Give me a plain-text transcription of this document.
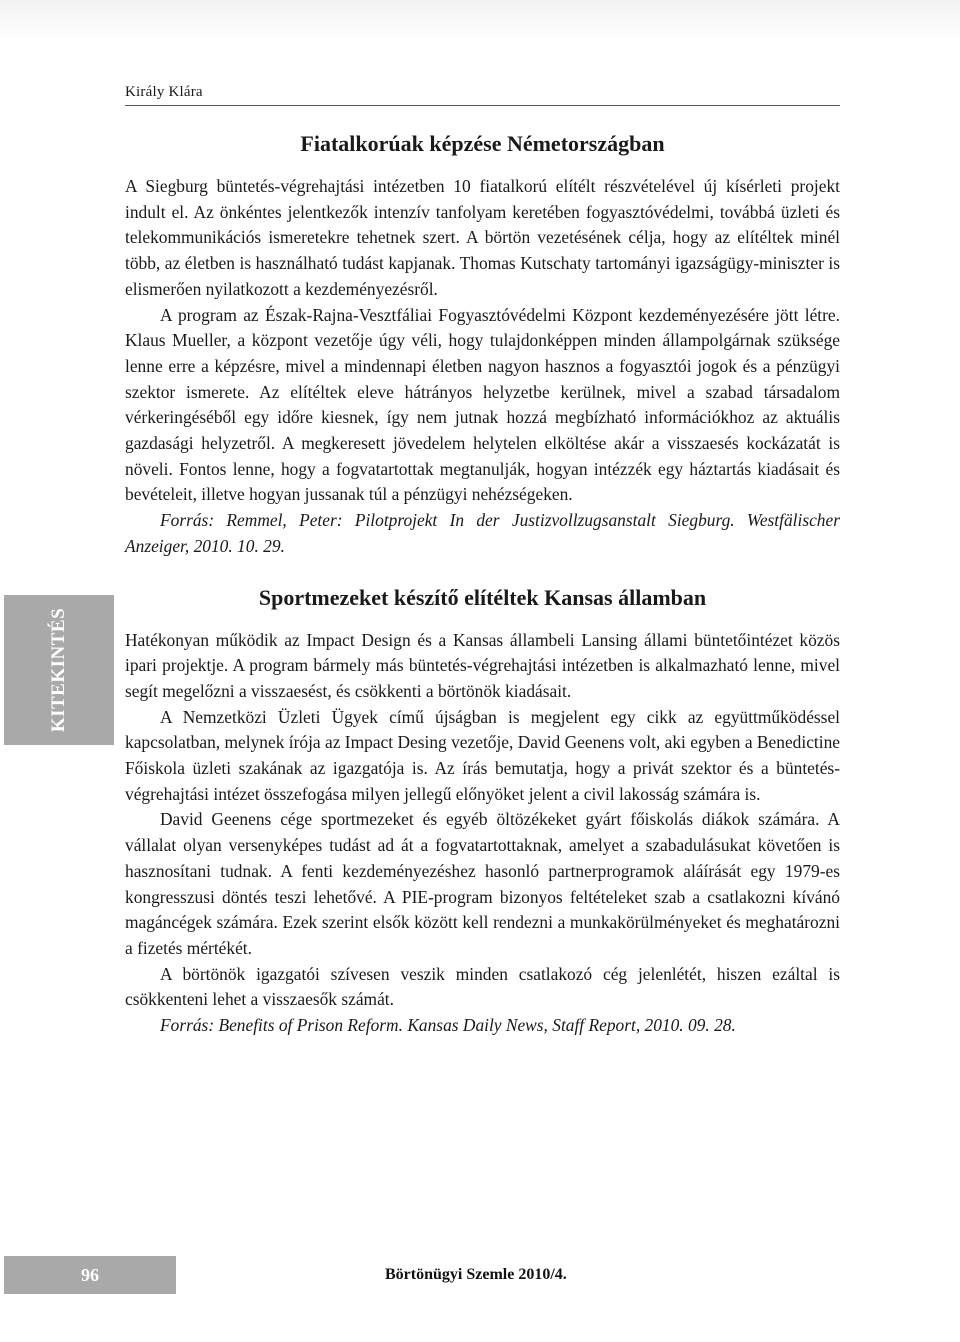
Király Klára
KITEKINTÉS
Fiatalkorúak képzése Németországban

A Siegburg büntetés-végrehajtási intézetben 10 fiatalkorú elítélt részvételével új kísérleti projekt indult el. Az önkéntes jelentkezők intenzív tanfolyam keretében fogyasztóvédelmi, továbbá üzleti és telekommunikációs ismeretekre tehetnek szert. A börtön vezetésének célja, hogy az elítéltek minél több, az életben is használható tudást kapjanak. Thomas Kutschaty tartományi igazságügy-miniszter is elismerően nyilatkozott a kezdeményezésről.

A program az Észak-Rajna-Vesztfáliai Fogyasztóvédelmi Központ kezdeményezésére jött létre. Klaus Mueller, a központ vezetője úgy véli, hogy tulajdonképpen minden állampolgárnak szüksége lenne erre a képzésre, mivel a mindennapi életben nagyon hasznos a fogyasztói jogok és a pénzügyi szektor ismerete. Az elítéltek eleve hátrányos helyzetbe kerülnek, mivel a szabad társadalom vérkeringéséből egy időre kiesnek, így nem jutnak hozzá megbízható információkhoz az aktuális gazdasági helyzetről. A megkeresett jövedelem helytelen elköltése akár a visszaesés kockázatát is növeli. Fontos lenne, hogy a fogvatartottak megtanulják, hogyan intézzék egy háztartás kiadásait és bevételeit, illetve hogyan jussanak túl a pénzügyi nehézségeken.

Forrás: Remmel, Peter: Pilotprojekt In der Justizvollzugsanstalt Siegburg. Westfälischer Anzeiger, 2010. 10. 29.

Sportmezeket készítő elítéltek Kansas államban

Hatékonyan működik az Impact Design és a Kansas állambeli Lansing állami büntetőintézet közös ipari projektje. A program bármely más büntetés-végrehajtási intézetben is alkalmazható lenne, mivel segít megelőzni a visszaesést, és csökkenti a börtönök kiadásait.

A Nemzetközi Üzleti Ügyek című újságban is megjelent egy cikk az együttműködéssel kapcsolatban, melynek írója az Impact Desing vezetője, David Geenens volt, aki egyben a Benedictine Főiskola üzleti szakának az igazgatója is. Az írás bemutatja, hogy a privát szektor és a büntetés-végrehajtási intézet összefogása milyen jellegű előnyöket jelent a civil lakosság számára is.

David Geenens cége sportmezeket és egyéb öltözékeket gyárt főiskolás diákok számára. A vállalat olyan versenyképes tudást ad át a fogvatartottaknak, amelyet a szabadulásukat követően is hasznosítani tudnak. A fenti kezdeményezéshez hasonló partnerprogramok aláírását egy 1979-es kongresszusi döntés teszi lehetővé. A PIE-program bizonyos feltételeket szab a csatlakozni kívánó magáncégek számára. Ezek szerint elsők között kell rendezni a munkakörülményeket és meghatározni a fizetés mértékét.

A börtönök igazgatói szívesen veszik minden csatlakozó cég jelenlétét, hiszen ezáltal is csökkenteni lehet a visszaesők számát.

Forrás: Benefits of Prison Reform. Kansas Daily News, Staff Report, 2010. 09. 28.

96	Börtönügyi Szemle 2010/4.
